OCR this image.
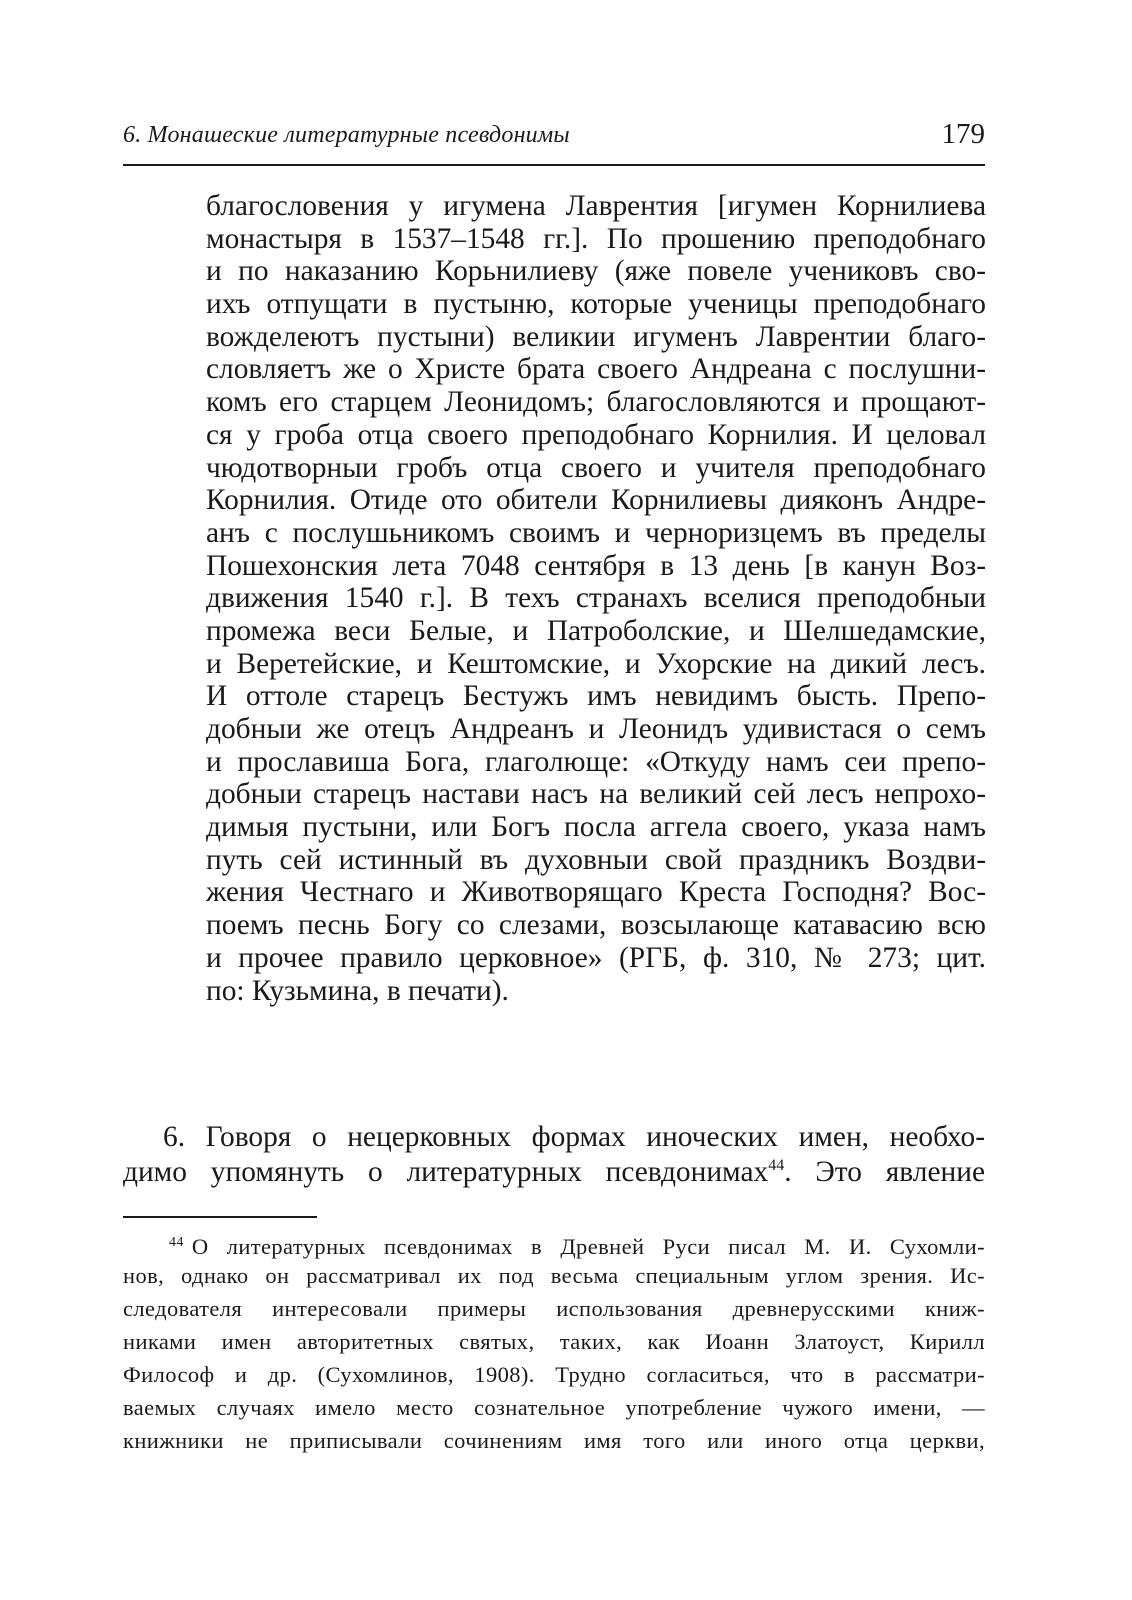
6. Монашеские литературные псевдонимы	179
благословения у игумена Лаврентия [игумен Корнилиева
монастыря в 1537–1548 гг.]. По прошению преподобнаго
и по наказанию Корьнилиеву (яже повеле учениковъ сво-
ихъ отпущати в пустыню, которые ученицы преподобнаго
вожделеютъ пустыни) великии игуменъ Лаврентии благо-
словляетъ же о Христе брата своего Андреана с послушни-
комъ его старцем Леонидомъ; благословляются и прощают-
ся у гроба отца своего преподобнаго Корнилия. И целовал
чюдотворныи гробъ отца своего и учителя преподобнаго
Корнилия. Отиде ото обители Корнилиевы дияконъ Андре-
анъ с послушьникомъ своимъ и черноризцемъ въ пределы
Пошехонския лета 7048 сентября в 13 день [в канун Воз-
движения 1540 г.]. В техъ странахъ вселися преподобныи
промежа веси Белые, и Патроболские, и Шелшедамские,
и Веретейские, и Кештомские, и Ухорские на дикий лесъ.
И оттоле старецъ Бестужъ имъ невидимъ бысть. Препо-
добныи же отецъ Андреанъ и Леонидъ удивистася о семъ
и прославиша Бога, глаголюще: «Откуду намъ сеи препо-
добныи старецъ настави насъ на великий сей лесъ непрохо-
димыя пустыни, или Богъ посла аггела своего, указа намъ
путь сей истинный въ духовныи свой праздникъ Воздви-
жения Честнаго и Животворящаго Креста Господня? Вос-
поемъ песнь Богу со слезами, возсылающе катавасию всю
и прочее правило церковное» (РГБ, ф. 310, № 273; цит.
по: Кузьмина, в печати).
6. Говоря о нецерковных формах иноческих имен, необхо-
димо упомянуть о литературных псевдонимах$^{44}$. Это явление
$^{44}$ О литературных псевдонимах в Древней Руси писал М. И. Сухомли-
нов, однако он рассматривал их под весьма специальным углом зрения. Ис-
следователя интересовали примеры использования древнерусскими книж-
никами имен авторитетных святых, таких, как Иоанн Златоуст, Кирилл
Философ и др. (Сухомлинов, 1908). Трудно согласиться, что в рассматри-
ваемых случаях имело место сознательное употребление чужого имени, —
книжники не приписывали сочинениям имя того или иного отца церкви,
